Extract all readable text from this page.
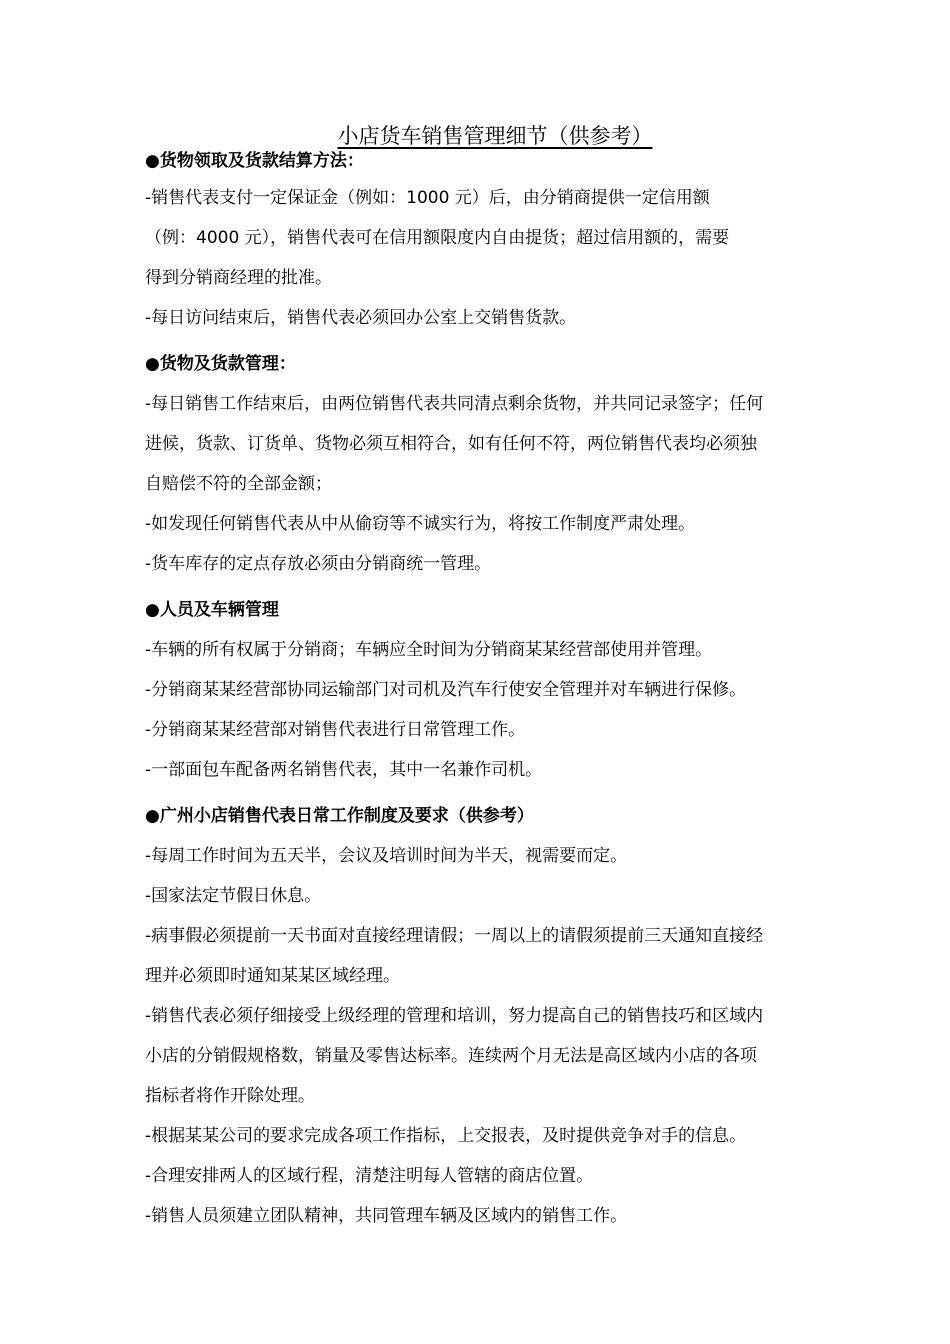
小店货车销售管理细节（供参考）
●货物领取及货款结算方法：
-销售代表支付一定保证金（例如：1000 元）后，由分销商提供一定信用额
（例：4000 元），销售代表可在信用额限度内自由提货；超过信用额的，需要
得到分销商经理的批准。
-每日访问结束后，销售代表必须回办公室上交销售货款。
●货物及货款管理：
-每日销售工作结束后，由两位销售代表共同清点剩余货物，并共同记录签字；任何
进候，货款、订货单、货物必须互相符合，如有任何不符，两位销售代表均必须独
自赔偿不符的全部金额；
-如发现任何销售代表从中从偷窃等不诚实行为，将按工作制度严肃处理。
-货车库存的定点存放必须由分销商统一管理。
●人员及车辆管理
-车辆的所有权属于分销商；车辆应全时间为分销商某某经营部使用并管理。
-分销商某某经营部协同运输部门对司机及汽车行使安全管理并对车辆进行保修。
-分销商某某经营部对销售代表进行日常管理工作。
-一部面包车配备两名销售代表，其中一名兼作司机。
●广州小店销售代表日常工作制度及要求（供参考）
-每周工作时间为五天半，会议及培训时间为半天，视需要而定。
-国家法定节假日休息。
-病事假必须提前一天书面对直接经理请假；一周以上的请假须提前三天通知直接经
理并必须即时通知某某区域经理。
-销售代表必须仔细接受上级经理的管理和培训，努力提高自己的销售技巧和区域内
小店的分销假规格数，销量及零售达标率。连续两个月无法是高区域内小店的各项
指标者将作开除处理。
-根据某某公司的要求完成各项工作指标，上交报表，及时提供竞争对手的信息。
-合理安排两人的区域行程，清楚注明每人管辖的商店位置。
-销售人员须建立团队精神，共同管理车辆及区域内的销售工作。
